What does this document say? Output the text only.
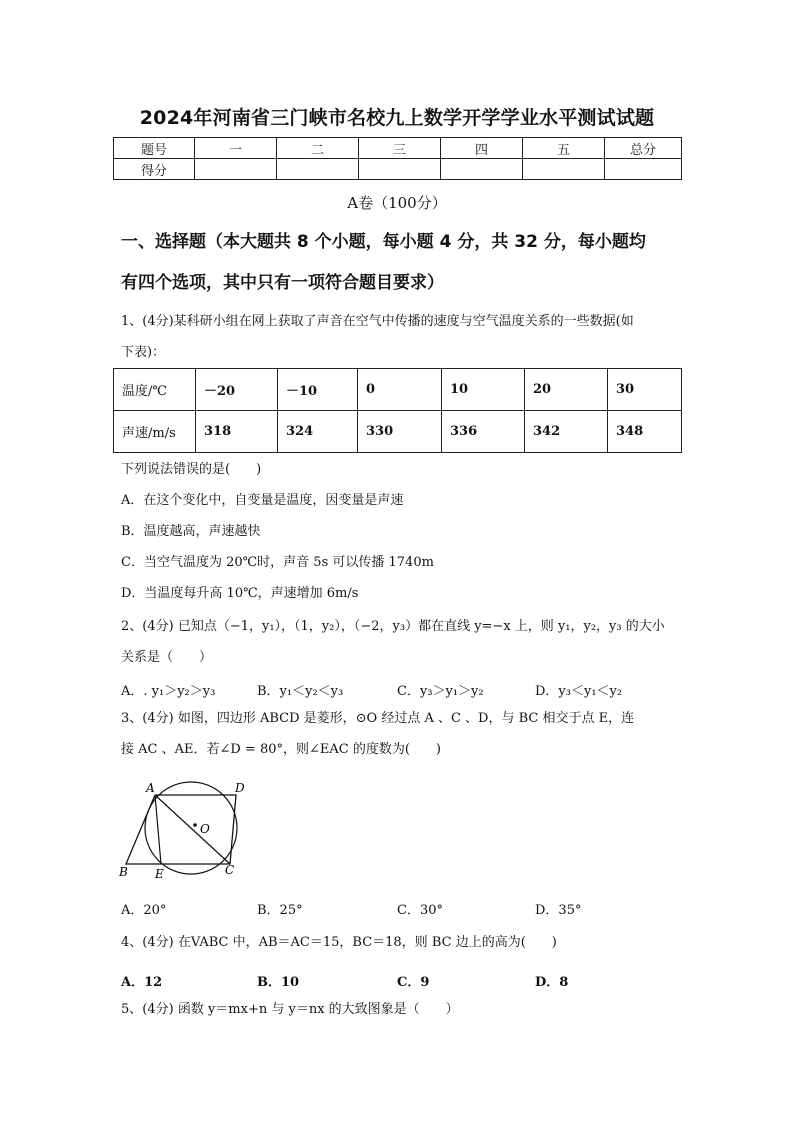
2024年河南省三门峡市名校九上数学开学学业水平测试试题
题号	一	二	三	四	五	总分
得分						
A卷（100分）
一、选择题（本大题共 8 个小题，每小题 4 分，共 32 分，每小题均
有四个选项，其中只有一项符合题目要求）
1、(4分)某科研小组在网上获取了声音在空气中传播的速度与空气温度关系的一些数据(如
下表)：
温度/℃	－20	－10	0	10	20	30
声速/m/s	318	324	330	336	342	348
下列说法错误的是(　　)
A．在这个变化中，自变量是温度，因变量是声速
B．温度越高，声速越快
C．当空气温度为 20℃时，声音 5s 可以传播 1740m
D．当温度每升高 10℃，声速增加 6m/s
2、(4分) 已知点（−1，y₁），（1，y₂），（−2，y₃）都在直线 y=−x 上，则 y₁，y₂，y₃ 的大小
关系是（　　）
A．. y₁＞y₂＞y₃	B．y₁＜y₂＜y₃	C．y₃＞y₁＞y₂	D．y₃＜y₁＜y₂
3、(4分) 如图，四边形 ABCD 是菱形，⊙O 经过点 A 、C 、D，与 BC 相交于点 E，连
接 AC 、AE．若∠D = 80°，则∠EAC 的度数为(　　)
A	D
O
B E	C
A．20°	B．25°	C．30°	D．35°
4、(4分) 在VABC 中，AB＝AC＝15，BC＝18，则 BC 边上的高为(　　)
A．12	B．10	C．9	D．8
5、(4分) 函数 y＝mx+n 与 y＝nx 的大致图象是（　　）
